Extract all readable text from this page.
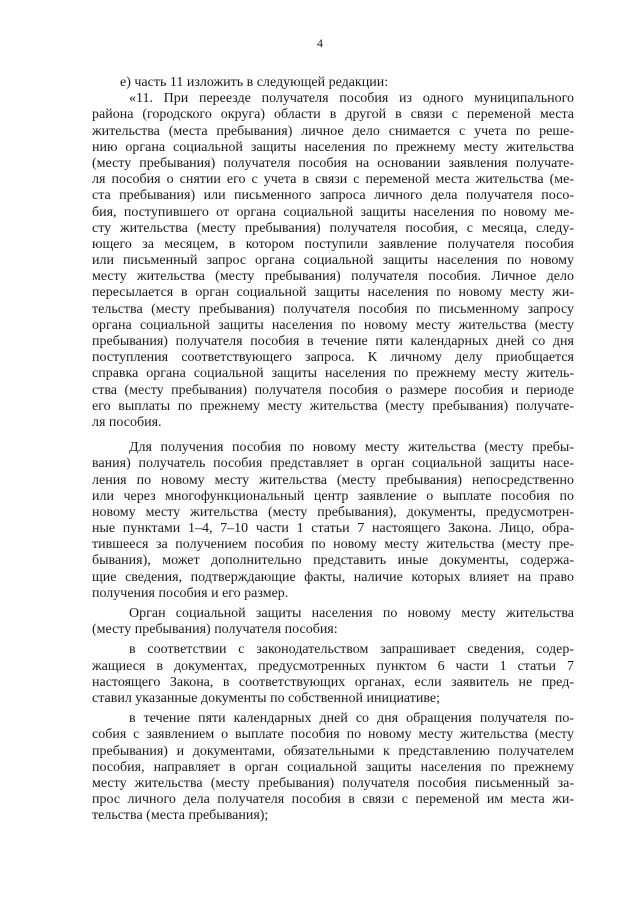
4
е) часть 11 изложить в следующей редакции:
«11. При переезде получателя пособия из одного муниципального
района (городского округа) области в другой в связи с переменой места
жительства (места пребывания) личное дело снимается с учета по реше-
нию органа социальной защиты населения по прежнему месту жительства
(месту пребывания) получателя пособия на основании заявления получате-
ля пособия о снятии его с учета в связи с переменой места жительства (ме-
ста пребывания) или письменного запроса личного дела получателя посо-
бия, поступившего от органа социальной защиты населения по новому ме-
сту жительства (месту пребывания) получателя пособия, с месяца, следу-
ющего за месяцем, в котором поступили заявление получателя пособия
или письменный запрос органа социальной защиты населения по новому
месту жительства (месту пребывания) получателя пособия. Личное дело
пересылается в орган социальной защиты населения по новому месту жи-
тельства (месту пребывания) получателя пособия по письменному запросу
органа социальной защиты населения по новому месту жительства (месту
пребывания) получателя пособия в течение пяти календарных дней со дня
поступления соответствующего запроса. К личному делу приобщается
справка органа социальной защиты населения по прежнему месту житель-
ства (месту пребывания) получателя пособия о размере пособия и периоде
его выплаты по прежнему месту жительства (месту пребывания) получате-
ля пособия.
Для получения пособия по новому месту жительства (месту пребы-
вания) получатель пособия представляет в орган социальной защиты насе-
ления по новому месту жительства (месту пребывания) непосредственно
или через многофункциональный центр заявление о выплате пособия по
новому месту жительства (месту пребывания), документы, предусмотрен-
ные пунктами 1–4, 7–10 части 1 статьи 7 настоящего Закона. Лицо, обра-
тившееся за получением пособия по новому месту жительства (месту пре-
бывания), может дополнительно представить иные документы, содержа-
щие сведения, подтверждающие факты, наличие которых влияет на право
получения пособия и его размер.
Орган социальной защиты населения по новому месту жительства
(месту пребывания) получателя пособия:
в соответствии с законодательством запрашивает сведения, содер-
жащиеся в документах, предусмотренных пунктом 6 части 1 статьи 7
настоящего Закона, в соответствующих органах, если заявитель не пред-
ставил указанные документы по собственной инициативе;
в течение пяти календарных дней со дня обращения получателя по-
собия с заявлением о выплате пособия по новому месту жительства (месту
пребывания) и документами, обязательными к представлению получателем
пособия, направляет в орган социальной защиты населения по прежнему
месту жительства (месту пребывания) получателя пособия письменный за-
прос личного дела получателя пособия в связи с переменой им места жи-
тельства (места пребывания);
